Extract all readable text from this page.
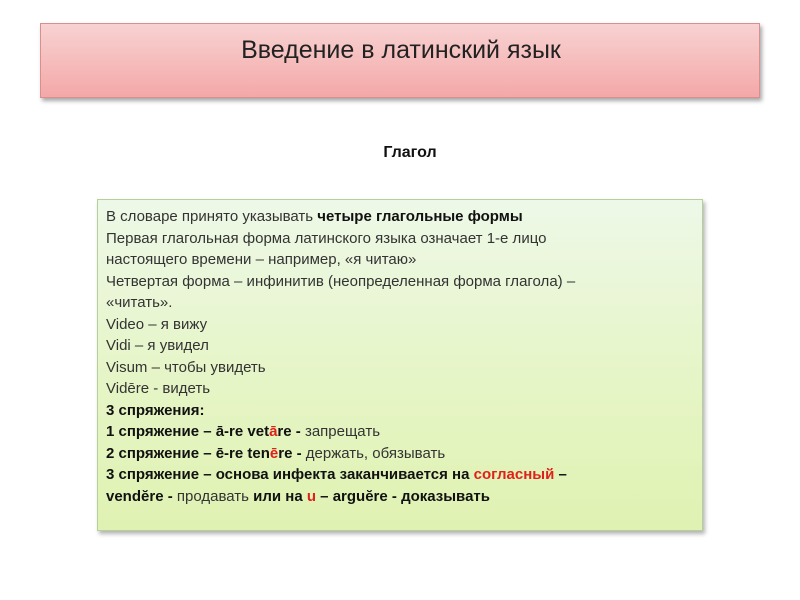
Введение в латинский язык
Глагол
В словаре принято указывать четыре глагольные формы
Первая глагольная форма латинского языка означает 1-е лицо
настоящего времени – например, «я читаю»
Четвертая форма – инфинитив (неопределенная форма глагола) –
«читать».
Video – я вижу
Vidi – я увидел
Visum – чтобы увидеть
Vidēre - видеть
3 спряжения:
1 спряжение – ā-re vetāre - запрещать
2 спряжение – ē-re tenēre - держать, обязывать
3 спряжение – основа инфекта заканчивается на согласный –
vendĕre - продавать или на u – arguĕre - доказывать
